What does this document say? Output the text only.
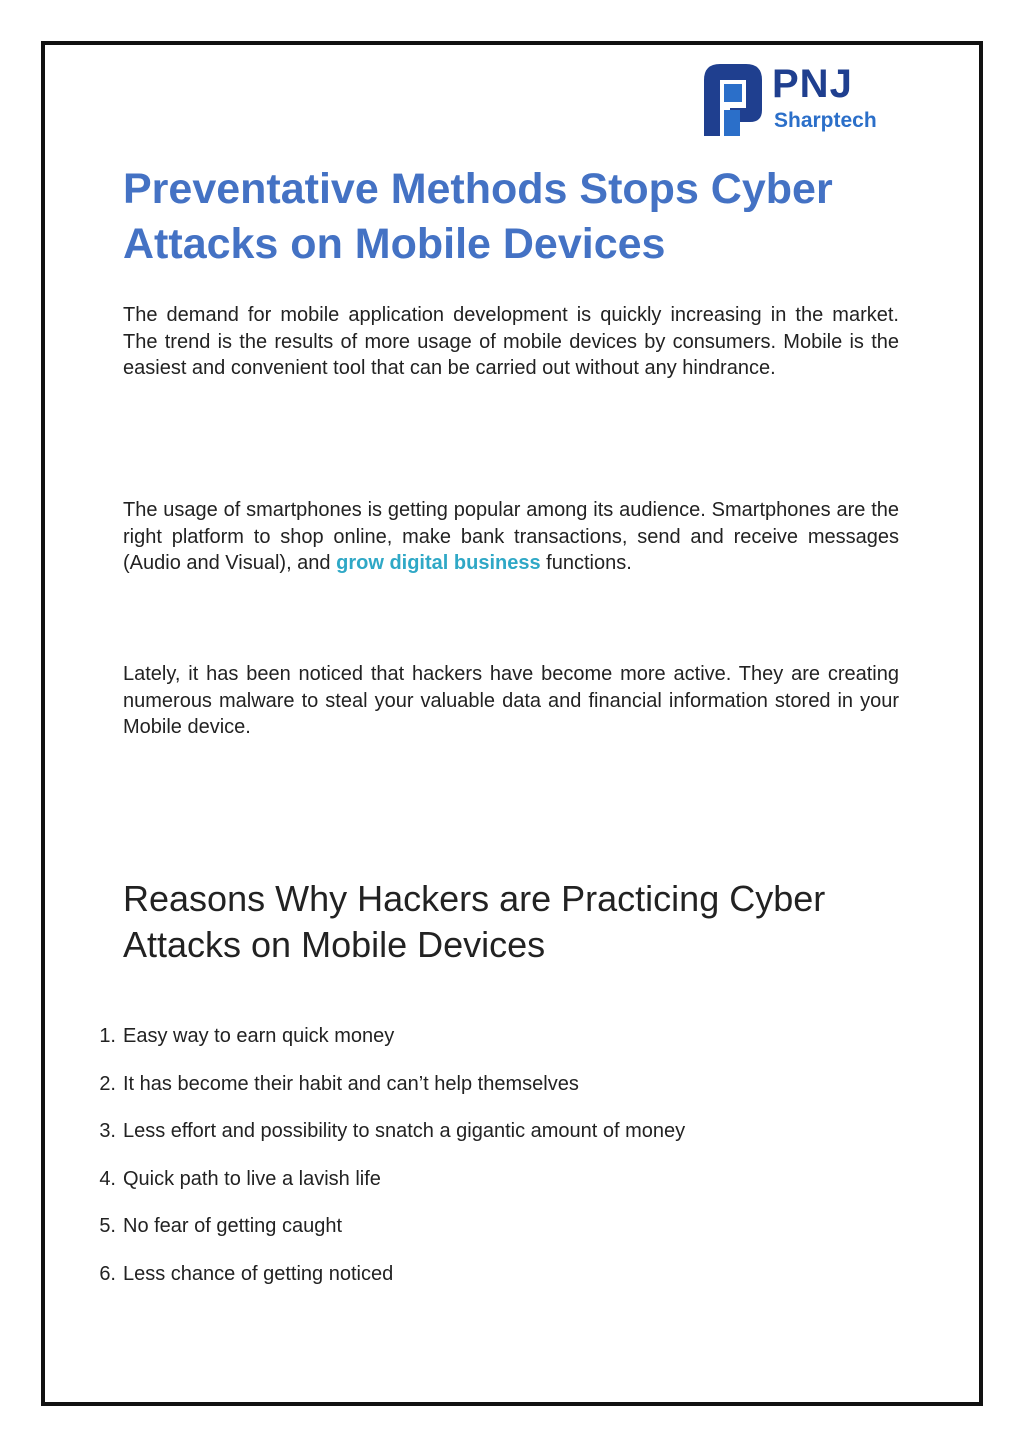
PNJ
Sharptech
Preventative Methods Stops Cyber Attacks on Mobile Devices

The demand for mobile application development is quickly increasing in the market. The trend is the results of more usage of mobile devices by consumers. Mobile is the easiest and convenient tool that can be carried out without any hindrance.

The usage of smartphones is getting popular among its audience. Smartphones are the right platform to shop online, make bank transactions, send and receive messages (Audio and Visual), and grow digital business functions.

Lately, it has been noticed that hackers have become more active. They are creating numerous malware to steal your valuable data and financial information stored in your Mobile device.

Reasons Why Hackers are Practicing Cyber Attacks on Mobile Devices
1. Easy way to earn quick money
2. It has become their habit and can’t help themselves
3. Less effort and possibility to snatch a gigantic amount of money
4. Quick path to live a lavish life
5. No fear of getting caught
6. Less chance of getting noticed
